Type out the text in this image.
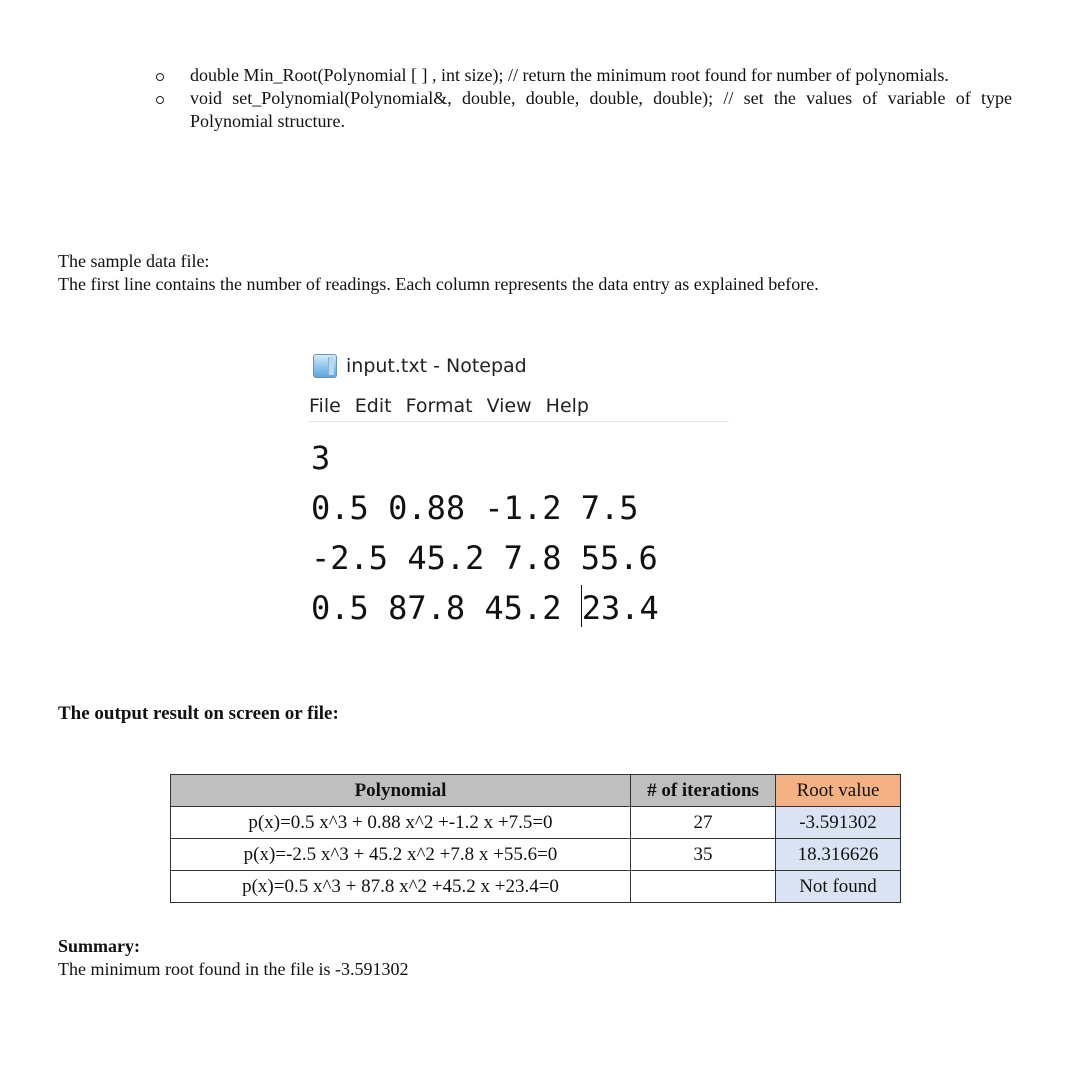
double Min_Root(Polynomial [ ] , int size); // return the minimum root found for number of polynomials.
void set_Polynomial(Polynomial&, double, double, double, double); // set the values of variable of type Polynomial structure.

The sample data file:

The first line contains the number of readings. Each column represents the data entry as explained before.

input.txt - Notepad
File Edit Format View Help
3
0.5 0.88 -1.2 7.5
-2.5 45.2 7.8 55.6
0.5 87.8 45.2 23.4
The output result on screen or file:
Polynomial	# of iterations	Root value
p(x)=0.5 x^3 + 0.88 x^2 +-1.2 x +7.5=0	27	-3.591302
p(x)=-2.5 x^3 + 45.2 x^2 +7.8 x +55.6=0	35	18.316626
p(x)=0.5 x^3 + 87.8 x^2 +45.2 x +23.4=0		Not found
Summary:
The minimum root found in the file is -3.591302
